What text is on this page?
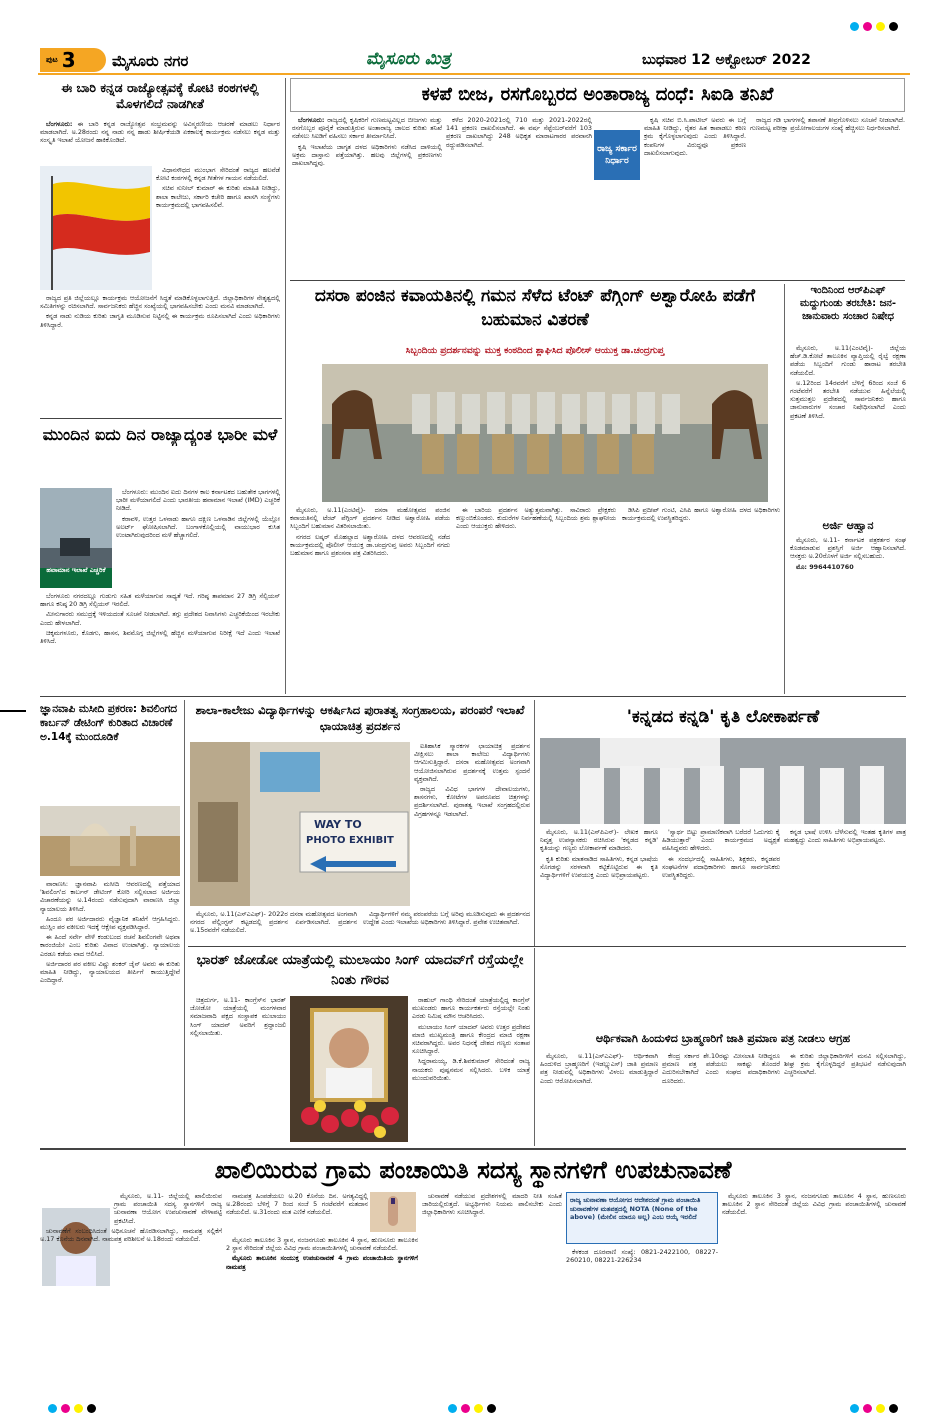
ಪುಟ 3 ಮೈಸೂರು ನಗರ	ಮೈಸೂರು ಮಿತ್ರ	ಬುಧವಾರ 12 ಅಕ್ಟೋಬರ್ 2022
ಈ ಬಾರಿ ಕನ್ನಡ ರಾಜ್ಯೋತ್ಸವಕ್ಕೆ ಕೋಟಿ ಕಂಠಗಳಲ್ಲಿ ಮೊಳಗಲಿದೆ ನಾಡಗೀತೆ

ಬೆಂಗಳೂರು: ಈ ಬಾರಿ ಕನ್ನಡ ರಾಜ್ಯೋತ್ಸವ ಸಂಭ್ರಮವನ್ನು ಅವಿಸ್ಮರಣೀಯ ಆಚರಣೆ ಮಾಡಲು ನಿರ್ಧಾರ ಮಾಡಲಾಗಿದೆ. ಅ.28ರಂದು ನನ್ನ ನಾಡು ನನ್ನ ಹಾಡು ಶೀರ್ಷಿಕೆಯಡಿ ಏಕಕಾಲಕ್ಕೆ ಕಾರ್ಯಕ್ರಮ ನಡೆಸಲು ಕನ್ನಡ ಮತ್ತು ಸಂಸ್ಕೃತಿ ಇಲಾಖೆ ಯೋಜನೆ ಹಾಕಿಕೊಂಡಿದೆ.

ವಿಧಾನಸೌಧದ ಮುಂಭಾಗ ಸೇರಿದಂತೆ ರಾಜ್ಯದ ಹಲವೆಡೆ ಕೋಟಿ ಕಂಠಗಳಲ್ಲಿ ಕನ್ನಡ ಗೀತೆಗಳ ಗಾಯನ ನಡೆಯಲಿದೆ.

ಸಚಿವ ಸುನೀಲ್ ಕುಮಾರ್ ಈ ಕುರಿತು ಮಾಹಿತಿ ನೀಡಿದ್ದು, ಶಾಲಾ ಕಾಲೇಜು, ಸರ್ಕಾರಿ ಕಚೇರಿ ಹಾಗೂ ಖಾಸಗಿ ಸಂಸ್ಥೆಗಳು ಕಾರ್ಯಕ್ರಮದಲ್ಲಿ ಭಾಗವಹಿಸಲಿವೆ.

ರಾಜ್ಯದ ಪ್ರತಿ ಜಿಲ್ಲೆಯಲ್ಲೂ ಕಾರ್ಯಕ್ರಮ ಆಯೋಜನೆಗೆ ಸಿದ್ಧತೆ ಮಾಡಿಕೊಳ್ಳಲಾಗುತ್ತಿದೆ. ಜಿಲ್ಲಾಧಿಕಾರಿಗಳ ನೇತೃತ್ವದಲ್ಲಿ ಸಮಿತಿಗಳನ್ನು ರಚಿಸಲಾಗಿದೆ. ಸಾರ್ವಜನಿಕರು ಹೆಚ್ಚಿನ ಸಂಖ್ಯೆಯಲ್ಲಿ ಭಾಗವಹಿಸಬೇಕು ಎಂದು ಮನವಿ ಮಾಡಲಾಗಿದೆ.

ಕನ್ನಡ ನಾಡು ನುಡಿಯ ಕುರಿತು ಜಾಗೃತಿ ಮೂಡಿಸುವ ನಿಟ್ಟಿನಲ್ಲಿ ಈ ಕಾರ್ಯಕ್ರಮ ರೂಪಿಸಲಾಗಿದೆ ಎಂದು ಅಧಿಕಾರಿಗಳು ತಿಳಿಸಿದ್ದಾರೆ.

ಕಳಪೆ ಬೀಜ, ರಸಗೊಬ್ಬರದ ಅಂತಾರಾಜ್ಯ ದಂಧೆ: ಸಿಐಡಿ ತನಿಖೆ

ಬೆಂಗಳೂರು: ರಾಜ್ಯದಲ್ಲಿ ಕೃಷಿಕರಿಗೆ ಗುಣಮಟ್ಟವಿಲ್ಲದ ಬೀಜಗಳು ಮತ್ತು ರಸಗೊಬ್ಬರ ಪೂರೈಕೆ ಮಾಡುತ್ತಿರುವ ಅಂತಾರಾಜ್ಯ ಜಾಲದ ಕುರಿತು ತನಿಖೆ ನಡೆಸಲು ಸಿಐಡಿಗೆ ವಹಿಸಲು ಸರ್ಕಾರ ತೀರ್ಮಾನಿಸಿದೆ.

ಕೃಷಿ ಇಲಾಖೆಯ ಜಾಗೃತ ದಳದ ಅಧಿಕಾರಿಗಳು ನಡೆಸಿದ ದಾಳಿಯಲ್ಲಿ ಅಕ್ರಮ ದಾಸ್ತಾನು ಪತ್ತೆಯಾಗಿತ್ತು. ಹಲವು ಜಿಲ್ಲೆಗಳಲ್ಲಿ ಪ್ರಕರಣಗಳು ದಾಖಲಾಗಿದ್ದವು.

ಕಳೆದ 2020-2021ರಲ್ಲಿ 710 ಮತ್ತು 2021-2022ರಲ್ಲಿ 141 ಪ್ರಕರಣ ದಾಖಲಿಸಲಾಗಿದೆ. ಈ ವರ್ಷ ಸೆಪ್ಟೆಂಬರ್‌ವರೆಗೆ 103 ಪ್ರಕರಣ ದಾಖಲಾಗಿದ್ದು 248 ಅಧಿಕೃತ ಮಾರಾಟಗಾರರ ಪರವಾನಗಿ ರದ್ದುಪಡಿಸಲಾಗಿದೆ.	ರಾಜ್ಯ ಸರ್ಕಾರ ನಿರ್ಧಾರ

ಕೃಷಿ ಸಚಿವ ಬಿ.ಸಿ.ಪಾಟೀಲ್ ಅವರು ಈ ಬಗ್ಗೆ ಮಾಹಿತಿ ನೀಡಿದ್ದು, ರೈತರ ಹಿತ ಕಾಪಾಡಲು ಕಠಿಣ ಕ್ರಮ ಕೈಗೊಳ್ಳಲಾಗುವುದು ಎಂದು ತಿಳಿಸಿದ್ದಾರೆ. ಕಂಪನಿಗಳ ವಿರುದ್ಧವೂ ಪ್ರಕರಣ ದಾಖಲಿಸಲಾಗುವುದು.

ರಾಜ್ಯದ ಗಡಿ ಭಾಗಗಳಲ್ಲಿ ತಪಾಸಣೆ ತೀವ್ರಗೊಳಿಸಲು ಸೂಚನೆ ನೀಡಲಾಗಿದೆ. ಗುಣಮಟ್ಟ ಪರೀಕ್ಷಾ ಪ್ರಯೋಗಾಲಯಗಳ ಸಂಖ್ಯೆ ಹೆಚ್ಚಿಸಲು ನಿರ್ಧರಿಸಲಾಗಿದೆ.

ದಸರಾ ಪಂಜಿನ ಕವಾಯತಿನಲ್ಲಿ ಗಮನ ಸೆಳೆದ ಟೆಂಟ್ ಪೆಗ್ಗಿಂಗ್ ಅಶ್ವಾರೋಹಿ ಪಡೆಗೆ ಬಹುಮಾನ ವಿತರಣೆ
ಸಿಬ್ಬಂದಿಯ ಪ್ರದರ್ಶನವನ್ನು ಮುಕ್ತ ಕಂಠದಿಂದ ಶ್ಲಾಘಿಸಿದ ಪೊಲೀಸ್ ಆಯುಕ್ತ ಡಾ.ಚಂದ್ರಗುಪ್ತ

ಮೈಸೂರು, ಅ.11(ಎಂಟಿವೈ)- ದಸರಾ ಮಹೋತ್ಸವದ ಪಂಜಿನ ಕವಾಯತಿನಲ್ಲಿ ಟೆಂಟ್ ಪೆಗ್ಗಿಂಗ್ ಪ್ರದರ್ಶನ ನೀಡಿದ ಅಶ್ವಾರೋಹಿ ಪಡೆಯ ಸಿಬ್ಬಂದಿಗೆ ಬಹುಮಾನ ವಿತರಿಸಲಾಯಿತು.

ನಗರದ ಲಷ್ಕರ್ ಮೊಹಲ್ಲಾದ ಅಶ್ವಾರೋಹಿ ದಳದ ಆವರಣದಲ್ಲಿ ನಡೆದ ಕಾರ್ಯಕ್ರಮದಲ್ಲಿ ಪೊಲೀಸ್ ಆಯುಕ್ತ ಡಾ.ಚಂದ್ರಗುಪ್ತ ಅವರು ಸಿಬ್ಬಂದಿಗೆ ನಗದು ಬಹುಮಾನ ಹಾಗೂ ಪ್ರಶಂಸನಾ ಪತ್ರ ವಿತರಿಸಿದರು.

ಈ ಬಾರಿಯ ಪ್ರದರ್ಶನ ಅತ್ಯುತ್ತಮವಾಗಿತ್ತು. ಸಾವಿರಾರು ಪ್ರೇಕ್ಷಕರು ಕಣ್ತುಂಬಿಕೊಂಡರು. ಕುದುರೆಗಳ ನಿರ್ವಹಣೆಯಲ್ಲಿ ಸಿಬ್ಬಂದಿಯ ಶ್ರಮ ಶ್ಲಾಘನೀಯ ಎಂದು ಆಯುಕ್ತರು ಹೇಳಿದರು.

ಡಿಸಿಪಿ ಪ್ರದೀಪ್ ಗುಂಟಿ, ಎಸಿಪಿ ಹಾಗೂ ಅಶ್ವಾರೋಹಿ ದಳದ ಅಧಿಕಾರಿಗಳು ಕಾರ್ಯಕ್ರಮದಲ್ಲಿ ಉಪಸ್ಥಿತರಿದ್ದರು.

ಇಂದಿನಿಂದ ಆರ್‌ಪಿಎಫ್ ಮದ್ದುಗುಂಡು ತರಬೇತಿ: ಜನ-ಜಾನುವಾರು ಸಂಚಾರ ನಿಷೇಧ

ಮೈಸೂರು, ಅ.11(ಎಂಟಿವೈ)- ಜಿಲ್ಲೆಯ ಹೆಚ್.ಡಿ.ಕೋಟೆ ತಾಲೂಕಿನ ವ್ಯಾಪ್ತಿಯಲ್ಲಿ ರೈಲ್ವೆ ರಕ್ಷಣಾ ಪಡೆಯ ಸಿಬ್ಬಂದಿಗೆ ಗುಂಡು ಹಾರಾಟ ತರಬೇತಿ ನಡೆಯಲಿದೆ.

ಅ.12ರಿಂದ 14ರವರೆಗೆ ಬೆಳಿಗ್ಗೆ 6ರಿಂದ ಸಂಜೆ 6 ಗಂಟೆವರೆಗೆ ತರಬೇತಿ ನಡೆಯುವ ಹಿನ್ನೆಲೆಯಲ್ಲಿ ಸುತ್ತಮುತ್ತಲ ಪ್ರದೇಶದಲ್ಲಿ ಸಾರ್ವಜನಿಕರು ಹಾಗೂ ಜಾನುವಾರುಗಳ ಸಂಚಾರ ನಿಷೇಧಿಸಲಾಗಿದೆ ಎಂದು ಪ್ರಕಟಣೆ ತಿಳಿಸಿದೆ.

ಅರ್ಜಿ ಆಹ್ವಾನ

ಮೈಸೂರು, ಅ.11- ಕರ್ನಾಟಕ ಪತ್ರಕರ್ತರ ಸಂಘ ಕೊಡಮಾಡುವ ಪ್ರಶಸ್ತಿಗೆ ಅರ್ಜಿ ಆಹ್ವಾನಿಸಲಾಗಿದೆ. ಆಸಕ್ತರು ಅ.20ರೊಳಗೆ ಅರ್ಜಿ ಸಲ್ಲಿಸಬಹುದು.

ಮೊ: 9964410760

ಮುಂದಿನ ಐದು ದಿನ ರಾಜ್ಯಾದ್ಯಂತ ಭಾರೀ ಮಳೆ
ಹವಾಮಾನ ಇಲಾಖೆ ಎಚ್ಚರಿಕೆ

ಬೆಂಗಳೂರು: ಮುಂದಿನ ಐದು ದಿನಗಳ ಕಾಲ ಕರ್ನಾಟಕದ ಬಹುತೇಕ ಭಾಗಗಳಲ್ಲಿ ಭಾರೀ ಮಳೆಯಾಗಲಿದೆ ಎಂದು ಭಾರತೀಯ ಹವಾಮಾನ ಇಲಾಖೆ (IMD) ಎಚ್ಚರಿಕೆ ನೀಡಿದೆ.

ಕರಾವಳಿ, ಉತ್ತರ ಒಳನಾಡು ಹಾಗೂ ದಕ್ಷಿಣ ಒಳನಾಡಿನ ಜಿಲ್ಲೆಗಳಲ್ಲಿ ಯೆಲ್ಲೋ ಅಲರ್ಟ್ ಘೋಷಿಸಲಾಗಿದೆ. ಬಂಗಾಳಕೊಲ್ಲಿಯಲ್ಲಿ ವಾಯುಭಾರ ಕುಸಿತ ಉಂಟಾಗಿರುವುದರಿಂದ ಮಳೆ ಹೆಚ್ಚಾಗಲಿದೆ.

ಬೆಂಗಳೂರು ನಗರದಲ್ಲೂ ಗುಡುಗು ಸಹಿತ ಮಳೆಯಾಗುವ ಸಾಧ್ಯತೆ ಇದೆ. ಗರಿಷ್ಠ ತಾಪಮಾನ 27 ಡಿಗ್ರಿ ಸೆಲ್ಸಿಯಸ್ ಹಾಗೂ ಕನಿಷ್ಠ 20 ಡಿಗ್ರಿ ಸೆಲ್ಸಿಯಸ್ ಇರಲಿದೆ.

ಮೀನುಗಾರರು ಸಮುದ್ರಕ್ಕೆ ಇಳಿಯದಂತೆ ಸೂಚನೆ ನೀಡಲಾಗಿದೆ. ತಗ್ಗು ಪ್ರದೇಶದ ನಿವಾಸಿಗಳು ಎಚ್ಚರಿಕೆಯಿಂದ ಇರಬೇಕು ಎಂದು ಹೇಳಲಾಗಿದೆ.

ಚಿಕ್ಕಮಗಳೂರು, ಕೊಡಗು, ಹಾಸನ, ಶಿವಮೊಗ್ಗ ಜಿಲ್ಲೆಗಳಲ್ಲಿ ಹೆಚ್ಚಿನ ಮಳೆಯಾಗುವ ನಿರೀಕ್ಷೆ ಇದೆ ಎಂದು ಇಲಾಖೆ ತಿಳಿಸಿದೆ.

ಜ್ಞಾನವಾಪಿ ಮಸೀದಿ ಪ್ರಕರಣ: ಶಿವಲಿಂಗದ ಕಾರ್ಬನ್ ಡೇಟಿಂಗ್ ಕುರಿತಾದ ವಿಚಾರಣೆ ಅ.14ಕ್ಕೆ ಮುಂದೂಡಿಕೆ

ವಾರಾಣಸಿ: ಜ್ಞಾನವಾಪಿ ಮಸೀದಿ ಆವರಣದಲ್ಲಿ ಪತ್ತೆಯಾದ 'ಶಿವಲಿಂಗ'ದ ಕಾರ್ಬನ್ ಡೇಟಿಂಗ್ ಕೋರಿ ಸಲ್ಲಿಸಲಾದ ಅರ್ಜಿಯ ವಿಚಾರಣೆಯನ್ನು ಅ.14ರಂದು ನಡೆಸುವುದಾಗಿ ವಾರಾಣಸಿ ಜಿಲ್ಲಾ ನ್ಯಾಯಾಲಯ ತಿಳಿಸಿದೆ.

ಹಿಂದೂ ಪರ ಅರ್ಜಿದಾರರು ವೈಜ್ಞಾನಿಕ ತನಿಖೆಗೆ ಆಗ್ರಹಿಸಿದ್ದರು. ಮುಸ್ಲಿಂ ಪರ ವಕೀಲರು ಇದಕ್ಕೆ ಆಕ್ಷೇಪ ವ್ಯಕ್ತಪಡಿಸಿದ್ದಾರೆ.

ಈ ಹಿಂದೆ ಸರ್ವೇ ವೇಳೆ ಕಂಡುಬಂದ ರಚನೆ ಶಿವಲಿಂಗವೇ ಅಥವಾ ಕಾರಂಜಿಯೇ ಎಂಬ ಕುರಿತು ವಿವಾದ ಉಂಟಾಗಿತ್ತು. ನ್ಯಾಯಾಲಯ ಎರಡೂ ಕಡೆಯ ವಾದ ಆಲಿಸಿದೆ.

ಅರ್ಜಿದಾರರ ಪರ ವಕೀಲ ವಿಷ್ಣು ಶಂಕರ್ ಜೈನ್ ಅವರು ಈ ಕುರಿತು ಮಾಹಿತಿ ನೀಡಿದ್ದು, ನ್ಯಾಯಾಲಯದ ತೀರ್ಪಿಗೆ ಕಾಯುತ್ತಿದ್ದೇವೆ ಎಂದಿದ್ದಾರೆ.

ಶಾಲಾ-ಕಾಲೇಜು ವಿದ್ಯಾರ್ಥಿಗಳನ್ನು ಆಕರ್ಷಿಸಿದ ಪುರಾತತ್ವ ಸಂಗ್ರಹಾಲಯ, ಪರಂಪರೆ ಇಲಾಖೆ ಛಾಯಾಚಿತ್ರ ಪ್ರದರ್ಶನ
WAY TO
PHOTO EXHIBIT

ಐತಿಹಾಸಿಕ ಸ್ಮಾರಕಗಳ ಛಾಯಾಚಿತ್ರ ಪ್ರದರ್ಶನ ವೀಕ್ಷಿಸಲು ಶಾಲಾ ಕಾಲೇಜು ವಿದ್ಯಾರ್ಥಿಗಳು ಆಗಮಿಸುತ್ತಿದ್ದಾರೆ. ದಸರಾ ಮಹೋತ್ಸವದ ಅಂಗವಾಗಿ ಆಯೋಜಿಸಲಾಗಿರುವ ಪ್ರದರ್ಶನಕ್ಕೆ ಉತ್ತಮ ಸ್ಪಂದನೆ ವ್ಯಕ್ತವಾಗಿದೆ.

ರಾಜ್ಯದ ವಿವಿಧ ಭಾಗಗಳ ದೇವಾಲಯಗಳು, ಶಾಸನಗಳು, ಕೋಟೆಗಳ ಅಪರೂಪದ ಚಿತ್ರಗಳನ್ನು ಪ್ರದರ್ಶಿಸಲಾಗಿದೆ. ಪುರಾತತ್ವ ಇಲಾಖೆ ಸಂಗ್ರಹದಲ್ಲಿರುವ ವಿಗ್ರಹಗಳನ್ನೂ ಇಡಲಾಗಿದೆ.

ಮೈಸೂರು, ಅ.11(ಎಸ್‌ಎಎಫ್)- 2022ರ ದಸರಾ ಮಹೋತ್ಸವದ ಅಂಗವಾಗಿ ನಗರದ ವೆಲ್ಲಿಂಗ್ಟನ್ ಕಟ್ಟಡದಲ್ಲಿ ಪ್ರದರ್ಶನ ಏರ್ಪಡಿಸಲಾಗಿದೆ. ಪ್ರದರ್ಶನ ಅ.15ರವರೆಗೆ ನಡೆಯಲಿದೆ.

ವಿದ್ಯಾರ್ಥಿಗಳಿಗೆ ನಮ್ಮ ಪರಂಪರೆಯ ಬಗ್ಗೆ ಅರಿವು ಮೂಡಿಸುವುದು ಈ ಪ್ರದರ್ಶನದ ಉದ್ದೇಶ ಎಂದು ಇಲಾಖೆಯ ಅಧಿಕಾರಿಗಳು ತಿಳಿಸಿದ್ದಾರೆ. ಪ್ರವೇಶ ಉಚಿತವಾಗಿದೆ.

'ಕನ್ನಡದ ಕನ್ನಡಿ' ಕೃತಿ ಲೋಕಾರ್ಪಣೆ

ಮೈಸೂರು, ಅ.11(ಎಸ್‌ಪಿಎನ್)- ಲೇಖಕ ಹಾಗೂ ನಿವೃತ್ತ ಉಪನ್ಯಾಸಕರು ರಚಿಸಿರುವ 'ಕನ್ನಡದ ಕನ್ನಡಿ' ಕೃತಿಯನ್ನು ಗಣ್ಯರು ಲೋಕಾರ್ಪಣೆ ಮಾಡಿದರು.

ಕೃತಿ ಕುರಿತು ಮಾತನಾಡಿದ ಸಾಹಿತಿಗಳು, ಕನ್ನಡ ಭಾಷೆಯ ಸೊಗಡನ್ನು ಸರಳವಾಗಿ ಕಟ್ಟಿಕೊಟ್ಟಿರುವ ಈ ಕೃತಿ ವಿದ್ಯಾರ್ಥಿಗಳಿಗೆ ಉಪಯುಕ್ತ ಎಂದು ಅಭಿಪ್ರಾಯಪಟ್ಟರು.

'ಸ್ವಾರ್ಥ ಬಿಟ್ಟು ಪ್ರಾಮಾಣಿಕವಾಗಿ ಬರೆದರೆ ಓದುಗರು ಕೈ ಹಿಡಿಯುತ್ತಾರೆ' ಎಂದು ಕಾರ್ಯಕ್ರಮದ ಅಧ್ಯಕ್ಷತೆ ವಹಿಸಿದ್ದವರು ಹೇಳಿದರು.

ಈ ಸಂದರ್ಭದಲ್ಲಿ ಸಾಹಿತಿಗಳು, ಶಿಕ್ಷಕರು, ಕನ್ನಡಪರ ಸಂಘಟನೆಗಳ ಪದಾಧಿಕಾರಿಗಳು ಹಾಗೂ ಸಾರ್ವಜನಿಕರು ಉಪಸ್ಥಿತರಿದ್ದರು.

ಕನ್ನಡ ಭಾಷೆ ಉಳಿಸಿ ಬೆಳೆಸುವಲ್ಲಿ ಇಂತಹ ಕೃತಿಗಳ ಪಾತ್ರ ಮಹತ್ವದ್ದು ಎಂದು ಸಾಹಿತಿಗಳು ಅಭಿಪ್ರಾಯಪಟ್ಟರು.

ಭಾರತ್ ಜೋಡೋ ಯಾತ್ರೆಯಲ್ಲಿ ಮುಲಾಯಂ ಸಿಂಗ್ ಯಾದವ್‌ಗೆ ರಸ್ತೆಯಲ್ಲೇ ನಿಂತು ಗೌರವ

ಚಿತ್ರದುರ್ಗ, ಅ.11- ಕಾಂಗ್ರೆಸ್‌ನ ಭಾರತ್ ಜೋಡೋ ಯಾತ್ರೆಯಲ್ಲಿ ಮಂಗಳವಾರ ಸಮಾಜವಾದಿ ಪಕ್ಷದ ಸಂಸ್ಥಾಪಕ ಮುಲಾಯಂ ಸಿಂಗ್ ಯಾದವ್ ಅವರಿಗೆ ಶ್ರದ್ಧಾಂಜಲಿ ಸಲ್ಲಿಸಲಾಯಿತು.

ರಾಹುಲ್ ಗಾಂಧಿ ಸೇರಿದಂತೆ ಯಾತ್ರೆಯಲ್ಲಿದ್ದ ಕಾಂಗ್ರೆಸ್ ಮುಖಂಡರು ಹಾಗೂ ಕಾರ್ಯಕರ್ತರು ರಸ್ತೆಯಲ್ಲೇ ನಿಂತು ಎರಡು ನಿಮಿಷ ಮೌನ ಆಚರಿಸಿದರು.

ಮುಲಾಯಂ ಸಿಂಗ್ ಯಾದವ್ ಅವರು ಉತ್ತರ ಪ್ರದೇಶದ ಮಾಜಿ ಮುಖ್ಯಮಂತ್ರಿ ಹಾಗೂ ಕೇಂದ್ರದ ಮಾಜಿ ರಕ್ಷಣಾ ಸಚಿವರಾಗಿದ್ದರು. ಅವರ ನಿಧನಕ್ಕೆ ದೇಶದ ಗಣ್ಯರು ಸಂತಾಪ ಸೂಚಿಸಿದ್ದಾರೆ.

ಸಿದ್ದರಾಮಯ್ಯ, ಡಿ.ಕೆ.ಶಿವಕುಮಾರ್ ಸೇರಿದಂತೆ ರಾಜ್ಯ ನಾಯಕರು ಪುಷ್ಪನಮನ ಸಲ್ಲಿಸಿದರು. ಬಳಿಕ ಯಾತ್ರೆ ಮುಂದುವರಿಯಿತು.

ಆರ್ಥಿಕವಾಗಿ ಹಿಂದುಳಿದ ಬ್ರಾಹ್ಮಣರಿಗೆ ಜಾತಿ ಪ್ರಮಾಣ ಪತ್ರ ನೀಡಲು ಆಗ್ರಹ

ಮೈಸೂರು, ಅ.11(ಎಸ್‌ಎಎಫ್)- ಆರ್ಥಿಕವಾಗಿ ಹಿಂದುಳಿದ ಬ್ರಾಹ್ಮಣರಿಗೆ (ಇಡಬ್ಲ್ಯುಎಸ್) ಜಾತಿ ಪ್ರಮಾಣ ಪತ್ರ ನೀಡುವಲ್ಲಿ ಅಧಿಕಾರಿಗಳು ವಿಳಂಬ ಮಾಡುತ್ತಿದ್ದಾರೆ ಎಂದು ಆರೋಪಿಸಲಾಗಿದೆ.

ಕೇಂದ್ರ ಸರ್ಕಾರ ಶೇ.10ರಷ್ಟು ಮೀಸಲಾತಿ ನೀಡಿದ್ದರೂ ಪ್ರಮಾಣ ಪತ್ರ ಪಡೆಯಲು ಸಾಕಷ್ಟು ತೊಂದರೆ ಎದುರಿಸಬೇಕಾಗಿದೆ ಎಂದು ಸಂಘದ ಪದಾಧಿಕಾರಿಗಳು ದೂರಿದರು.

ಈ ಕುರಿತು ಜಿಲ್ಲಾಧಿಕಾರಿಗಳಿಗೆ ಮನವಿ ಸಲ್ಲಿಸಲಾಗಿದ್ದು, ಶೀಘ್ರ ಕ್ರಮ ಕೈಗೊಳ್ಳದಿದ್ದರೆ ಪ್ರತಿಭಟನೆ ನಡೆಸುವುದಾಗಿ ಎಚ್ಚರಿಸಲಾಗಿದೆ.

ಖಾಲಿಯಿರುವ ಗ್ರಾಮ ಪಂಚಾಯಿತಿ ಸದಸ್ಯ ಸ್ಥಾನಗಳಿಗೆ ಉಪಚುನಾವಣೆ

ಮೈಸೂರು, ಅ.11- ಜಿಲ್ಲೆಯಲ್ಲಿ ಖಾಲಿಯಿರುವ ಗ್ರಾಮ ಪಂಚಾಯಿತಿ ಸದಸ್ಯ ಸ್ಥಾನಗಳಿಗೆ ರಾಜ್ಯ ಚುನಾವಣಾ ಆಯೋಗ ಉಪಚುನಾವಣೆ ವೇಳಾಪಟ್ಟಿ ಪ್ರಕಟಿಸಿದೆ.

ಚುನಾವಣೆಗೆ ಸಂಬಂಧಿಸಿದಂತೆ ಅಧಿಸೂಚನೆ ಹೊರಡಿಸಲಾಗಿದ್ದು, ನಾಮಪತ್ರ ಸಲ್ಲಿಕೆಗೆ ಅ.17 ಕೊನೆಯ ದಿನವಾಗಿದೆ. ನಾಮಪತ್ರ ಪರಿಶೀಲನೆ ಅ.18ರಂದು ನಡೆಯಲಿದೆ.

ನಾಮಪತ್ರ ಹಿಂಪಡೆಯಲು ಅ.20 ಕೊನೆಯ ದಿನ. ಅಗತ್ಯವಿದ್ದಲ್ಲಿ ಅ.28ರಂದು ಬೆಳಿಗ್ಗೆ 7 ರಿಂದ ಸಂಜೆ 5 ಗಂಟೆವರೆಗೆ ಮತದಾನ ನಡೆಯಲಿದೆ. ಅ.31ರಂದು ಮತ ಎಣಿಕೆ ನಡೆಯಲಿದೆ.

ಮೈಸೂರು ತಾಲೂಕಿನ 3 ಸ್ಥಾನ, ನಂಜನಗೂಡು ತಾಲೂಕಿನ 4 ಸ್ಥಾನ, ಹುಣಸೂರು ತಾಲೂಕಿನ 2 ಸ್ಥಾನ ಸೇರಿದಂತೆ ಜಿಲ್ಲೆಯ ವಿವಿಧ ಗ್ರಾಮ ಪಂಚಾಯಿತಿಗಳಲ್ಲಿ ಚುನಾವಣೆ ನಡೆಯಲಿದೆ.

ಮೈಸೂರು ತಾಲೂಕಿನ ಸಂಯುಕ್ತ ಉಪಚುನಾವಣೆ 4 ಗ್ರಾಮ ಪಂಚಾಯಿತಿಯ ಸ್ಥಾನಗಳಿಗೆ ನಾಮಪತ್ರ

ಚುನಾವಣೆ ನಡೆಯುವ ಪ್ರದೇಶಗಳಲ್ಲಿ ಮಾದರಿ ನೀತಿ ಸಂಹಿತೆ ಜಾರಿಯಲ್ಲಿರುತ್ತದೆ. ಅಭ್ಯರ್ಥಿಗಳು ನಿಯಮ ಪಾಲಿಸಬೇಕು ಎಂದು ಜಿಲ್ಲಾಧಿಕಾರಿಗಳು ಸೂಚಿಸಿದ್ದಾರೆ.

ರಾಜ್ಯ ಚುನಾವಣಾ ಆಯೋಗದ ಆದೇಶದಂತೆ ಗ್ರಾಮ ಪಂಚಾಯಿತಿ ಚುನಾವಣೆಗಳ ಮತಪತ್ರದಲ್ಲಿ NOTA (None of the above) (ಮೇಲಿನ ಯಾರೂ ಅಲ್ಲ) ಎಂಬ ಆಯ್ಕೆ ಇರಲಿದೆ

ಕೆಳಕಂಡ ದೂರವಾಣಿ ಸಂಖ್ಯೆ: 0821-2422100, 08227-260210, 08221-226234

ಮೈಸೂರು ತಾಲೂಕಿನ 3 ಸ್ಥಾನ, ನಂಜನಗೂಡು ತಾಲೂಕಿನ 4 ಸ್ಥಾನ, ಹುಣಸೂರು ತಾಲೂಕಿನ 2 ಸ್ಥಾನ ಸೇರಿದಂತೆ ಜಿಲ್ಲೆಯ ವಿವಿಧ ಗ್ರಾಮ ಪಂಚಾಯಿತಿಗಳಲ್ಲಿ ಚುನಾವಣೆ ನಡೆಯಲಿದೆ.
